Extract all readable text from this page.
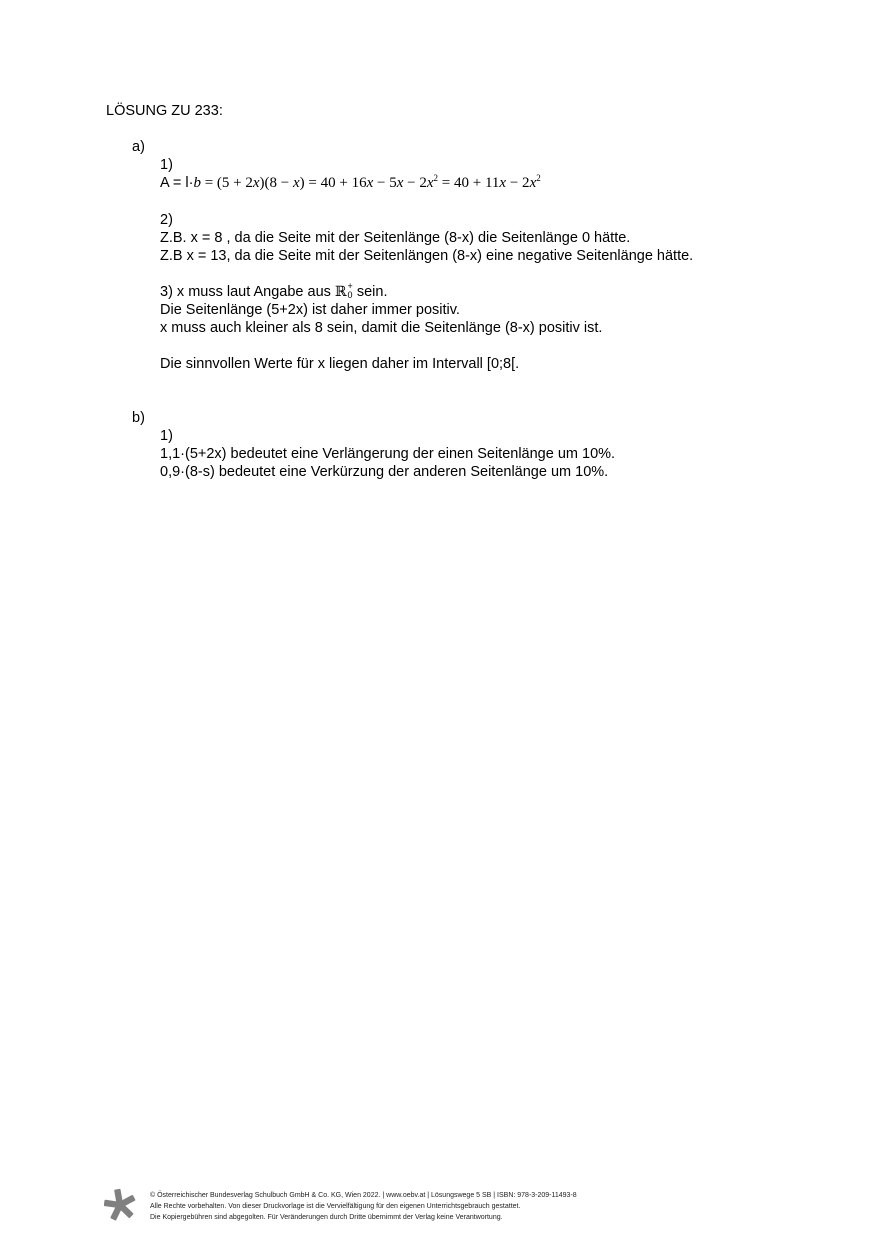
LÖSUNG ZU 233:
a)
1)
$A = l\cdot b = (5 + 2x)(8 - x) = 40 + 16x - 5x - 2x^2 = 40 + 11x - 2x^2$
2)
Z.B. x = 8 , da die Seite mit der Seitenlänge (8-x) die Seitenlänge 0 hätte.
Z.B x = 13, da die Seite mit der Seitenlängen (8-x) eine negative Seitenlänge hätte.
3) x muss laut Angabe aus ℝ +
0 sein.
Die Seitenlänge (5+2x) ist daher immer positiv.
x muss auch kleiner als 8 sein, damit die Seitenlänge (8-x) positiv ist.
Die sinnvollen Werte für x liegen daher im Intervall [0;8[.
b)
1)
1,1·(5+2x) bedeutet eine Verlängerung der einen Seitenlänge um 10%.
0,9·(8-s) bedeutet eine Verkürzung der anderen Seitenlänge um 10%.
© Österreichischer Bundesverlag Schulbuch GmbH & Co. KG, Wien 2022. | www.oebv.at | Lösungswege 5 SB | ISBN: 978-3-209-11493-8
Alle Rechte vorbehalten. Von dieser Druckvorlage ist die Vervielfältigung für den eigenen Unterrichtsgebrauch gestattet.
Die Kopiergebühren sind abgegolten. Für Veränderungen durch Dritte übernimmt der Verlag keine Verantwortung.
